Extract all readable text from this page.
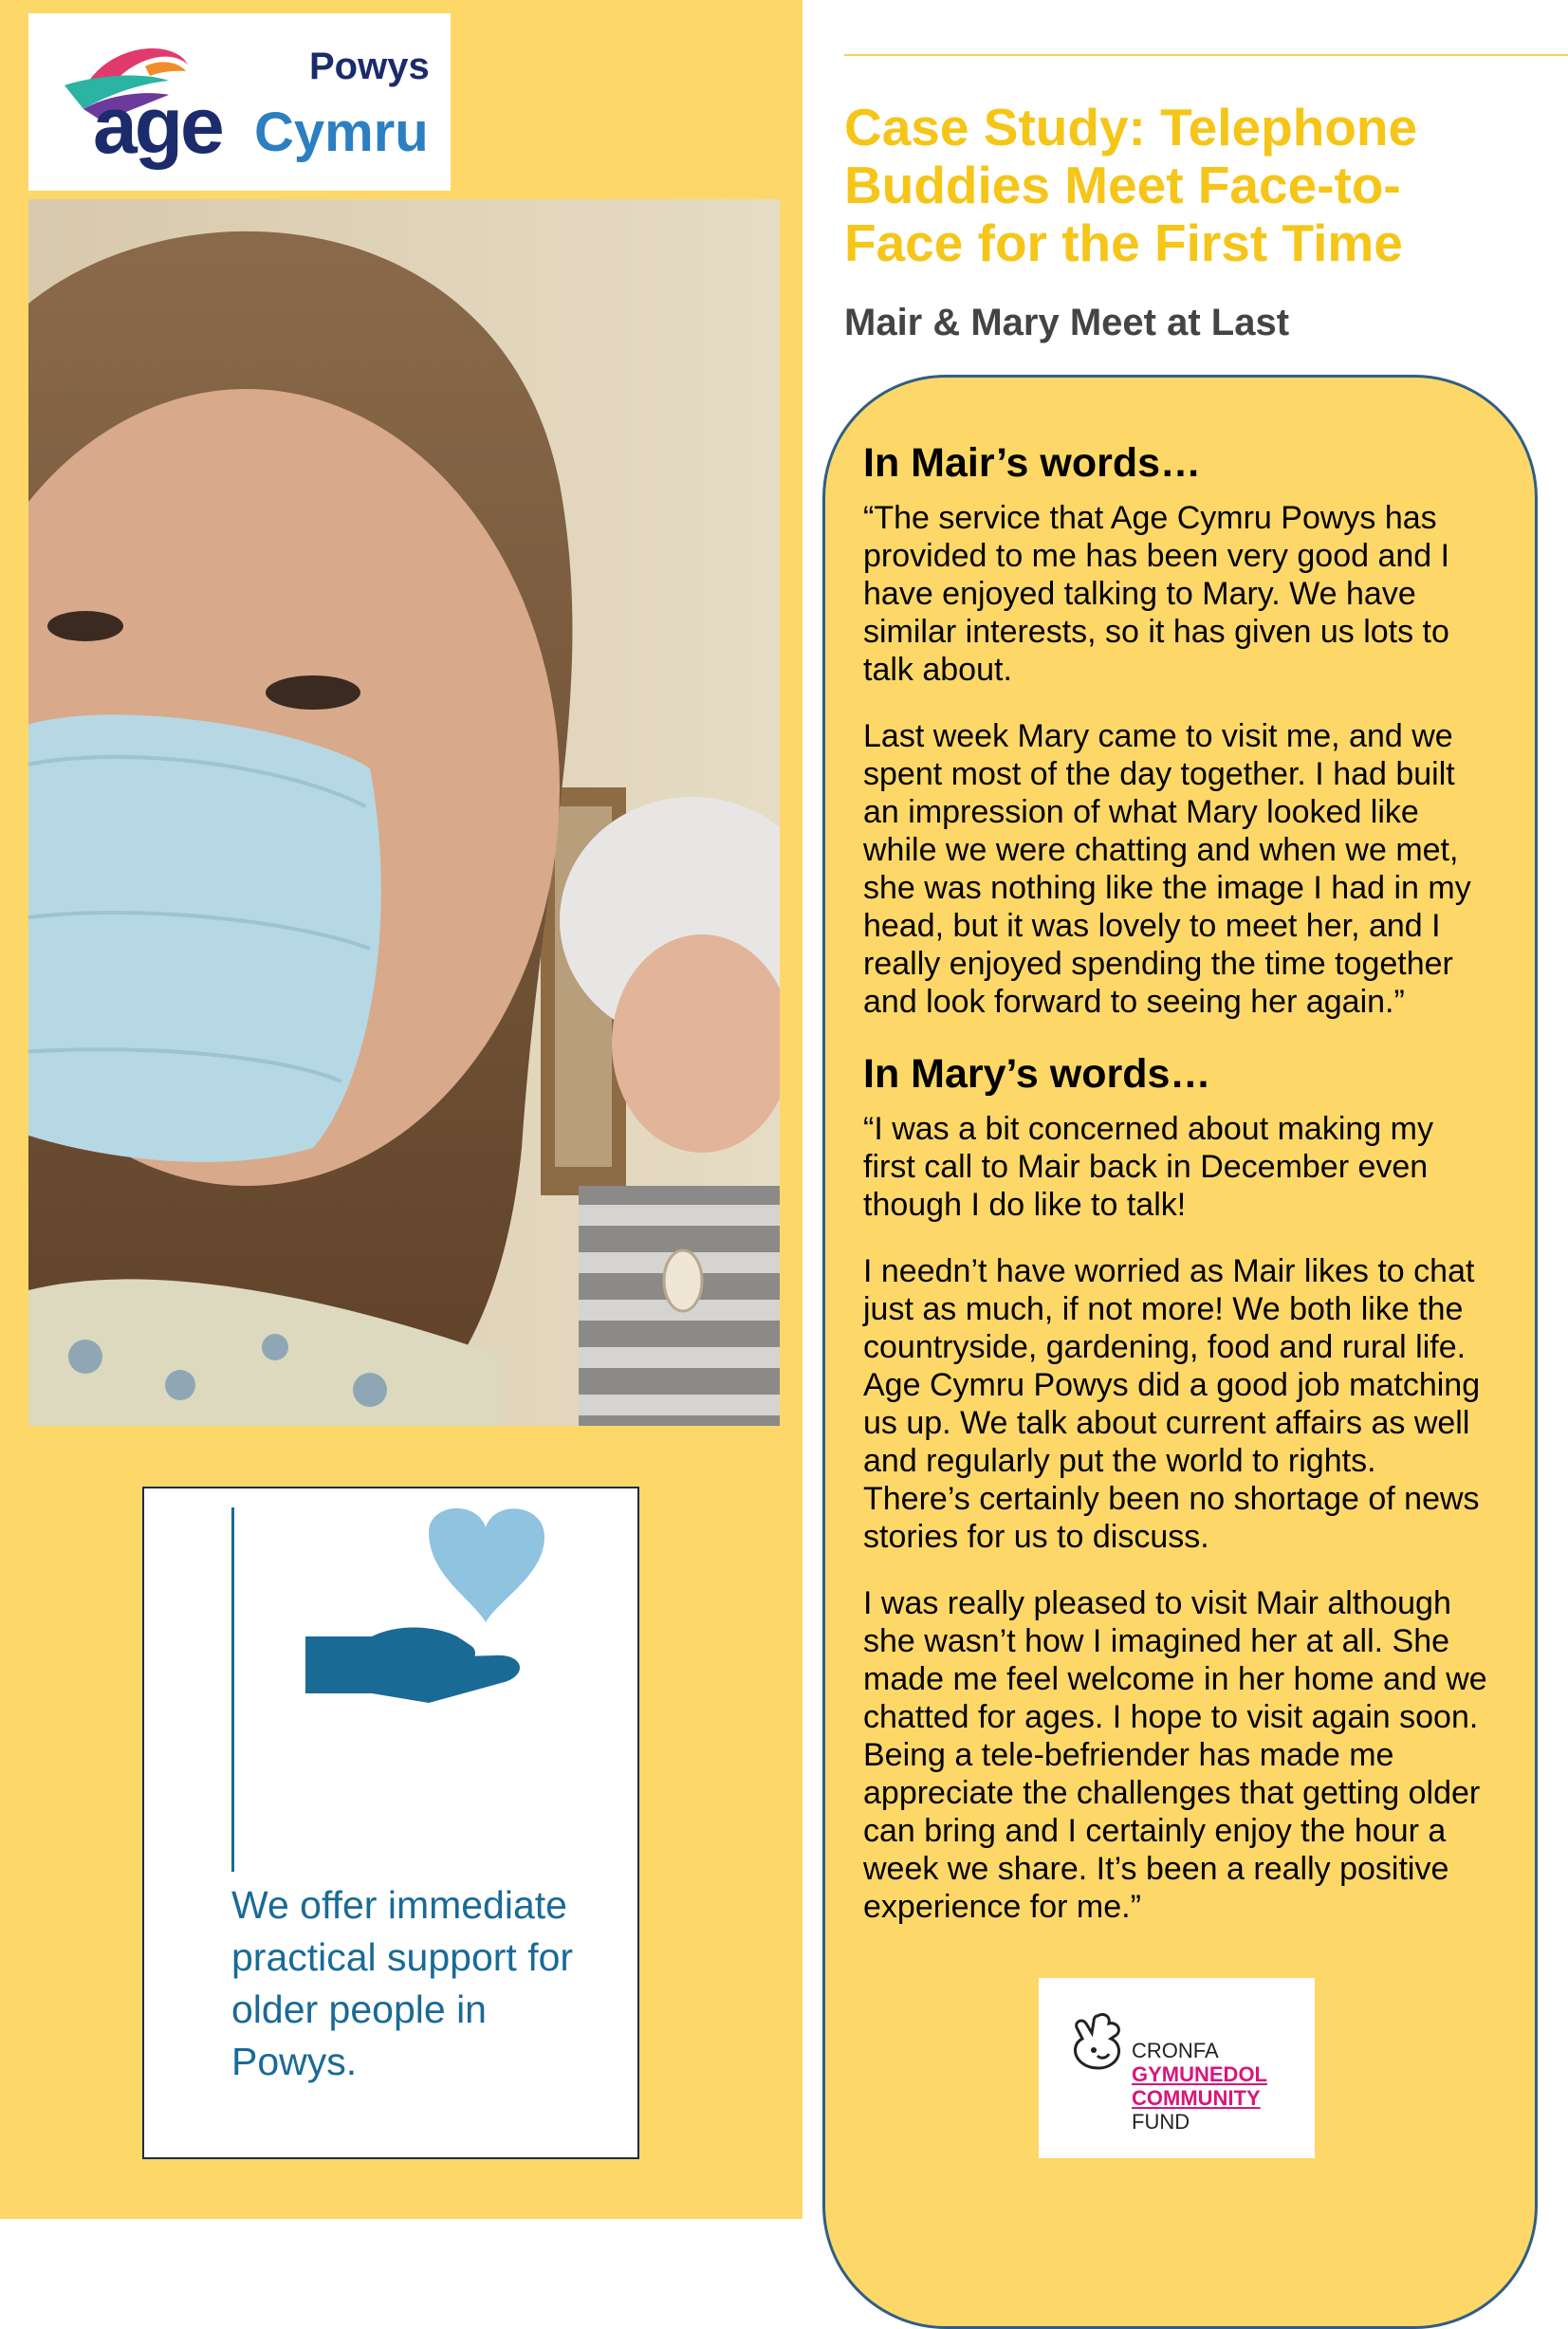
Powys
age Cymru
We offer immediate practical support for older people in Powys.
Case Study: Telephone Buddies Meet Face-to-Face for the First Time
Mair & Mary Meet at Last
In Mair’s words…

“The service that Age Cymru Powys has provided to me has been very good and I have enjoyed talking to Mary. We have similar interests, so it has given us lots to talk about.

Last week Mary came to visit me, and we spent most of the day together. I had built an impression of what Mary looked like while we were chatting and when we met, she was nothing like the image I had in my head, but it was lovely to meet her, and I really enjoyed spending the time together and look forward to seeing her again.”

In Mary’s words…

“I was a bit concerned about making my first call to Mair back in December even though I do like to talk!

I needn’t have worried as Mair likes to chat just as much, if not more! We both like the countryside, gardening, food and rural life. Age Cymru Powys did a good job matching us up. We talk about current affairs as well and regularly put the world to rights. There’s certainly been no shortage of news stories for us to discuss.

I was really pleased to visit Mair although she wasn’t how I imagined her at all. She made me feel welcome in her home and we chatted for ages. I hope to visit again soon. Being a tele-befriender has made me appreciate the challenges that getting older can bring and I certainly enjoy the hour a week we share. It’s been a really positive experience for me.”

CRONFA
GYMUNEDOL
COMMUNITY
FUND
